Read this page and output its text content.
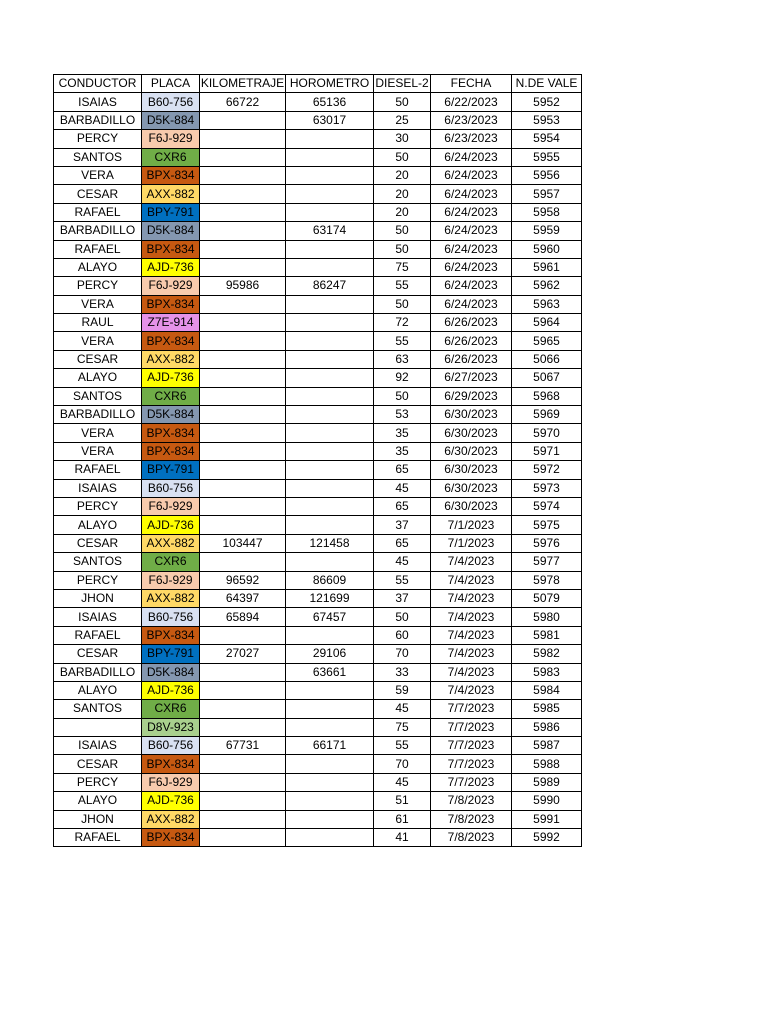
CONDUCTOR	PLACA	KILOMETRAJE	HOROMETRO	DIESEL-2	FECHA	N.DE VALE
ISAIAS	B60-756	66722	65136	50	6/22/2023	5952
BARBADILLO	D5K-884		63017	25	6/23/2023	5953
PERCY	F6J-929			30	6/23/2023	5954
SANTOS	CXR6			50	6/24/2023	5955
VERA	BPX-834			20	6/24/2023	5956
CESAR	AXX-882			20	6/24/2023	5957
RAFAEL	BPY-791			20	6/24/2023	5958
BARBADILLO	D5K-884		63174	50	6/24/2023	5959
RAFAEL	BPX-834			50	6/24/2023	5960
ALAYO	AJD-736			75	6/24/2023	5961
PERCY	F6J-929	95986	86247	55	6/24/2023	5962
VERA	BPX-834			50	6/24/2023	5963
RAUL	Z7E-914			72	6/26/2023	5964
VERA	BPX-834			55	6/26/2023	5965
CESAR	AXX-882			63	6/26/2023	5066
ALAYO	AJD-736			92	6/27/2023	5067
SANTOS	CXR6			50	6/29/2023	5968
BARBADILLO	D5K-884			53	6/30/2023	5969
VERA	BPX-834			35	6/30/2023	5970
VERA	BPX-834			35	6/30/2023	5971
RAFAEL	BPY-791			65	6/30/2023	5972
ISAIAS	B60-756			45	6/30/2023	5973
PERCY	F6J-929			65	6/30/2023	5974
ALAYO	AJD-736			37	7/1/2023	5975
CESAR	AXX-882	103447	121458	65	7/1/2023	5976
SANTOS	CXR6			45	7/4/2023	5977
PERCY	F6J-929	96592	86609	55	7/4/2023	5978
JHON	AXX-882	64397	121699	37	7/4/2023	5079
ISAIAS	B60-756	65894	67457	50	7/4/2023	5980
RAFAEL	BPX-834			60	7/4/2023	5981
CESAR	BPY-791	27027	29106	70	7/4/2023	5982
BARBADILLO	D5K-884		63661	33	7/4/2023	5983
ALAYO	AJD-736			59	7/4/2023	5984
SANTOS	CXR6			45	7/7/2023	5985
	D8V-923			75	7/7/2023	5986
ISAIAS	B60-756	67731	66171	55	7/7/2023	5987
CESAR	BPX-834			70	7/7/2023	5988
PERCY	F6J-929			45	7/7/2023	5989
ALAYO	AJD-736			51	7/8/2023	5990
JHON	AXX-882			61	7/8/2023	5991
RAFAEL	BPX-834			41	7/8/2023	5992
